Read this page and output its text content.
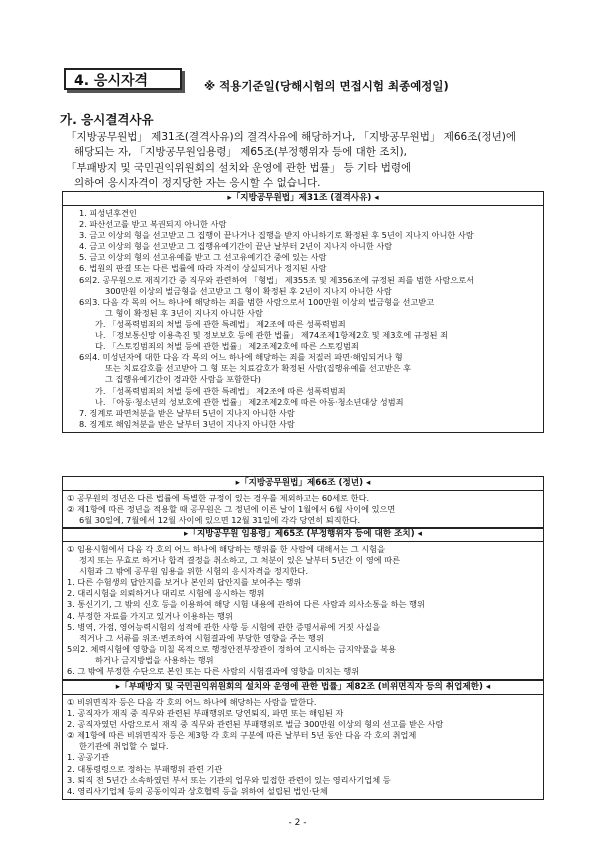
4. 응시자격	※ 적용기준일(당해시험의 면접시험 최종예정일)
가. 응시결격사유
「지방공무원법」 제31조(결격사유)의 결격사유에 해당하거나, 「지방공무원법」 제66조(정년)에
해당되는 자, 「지방공무원임용령」 제65조(부정행위자 등에 대한 조치),
「부패방지 및 국민권익위원회의 설치와 운영에 관한 법률」 등 기타 법령에
의하여 응시자격이 정지당한 자는 응시할 수 없습니다.
▸「지방공무원법」제31조 (결격사유) ◂
1. 피성년후견인
2. 파산선고를 받고 복권되지 아니한 사람
3. 금고 이상의 형을 선고받고 그 집행이 끝나거나 집행을 받지 아니하기로 확정된 후 5년이 지나지 아니한 사람
4. 금고 이상의 형을 선고받고 그 집행유예기간이 끝난 날부터 2년이 지나지 아니한 사람
5. 금고 이상의 형의 선고유예를 받고 그 선고유예기간 중에 있는 사람
6. 법원의 판결 또는 다른 법률에 따라 자격이 상실되거나 정지된 사람
6의2. 공무원으로 재직기간 중 직무와 관련하여 「형법」 제355조 및 제356조에 규정된 죄를 범한 사람으로서
300만원 이상의 벌금형을 선고받고 그 형이 확정된 후 2년이 지나지 아니한 사람
6의3. 다음 각 목의 어느 하나에 해당하는 죄를 범한 사람으로서 100만원 이상의 벌금형을 선고받고
그 형이 확정된 후 3년이 지나지 아니한 사람
가. 「성폭력범죄의 처벌 등에 관한 특례법」 제2조에 따른 성폭력범죄
나. 「정보통신망 이용촉진 및 정보보호 등에 관한 법률」 제74조제1항제2호 및 제3호에 규정된 죄
다. 「스토킹범죄의 처벌 등에 관한 법률」 제2조제2호에 따른 스토킹범죄
6의4. 미성년자에 대한 다음 각 목의 어느 하나에 해당하는 죄를 저질러 파면·해임되거나 형
또는 치료감호를 선고받아 그 형 또는 치료감호가 확정된 사람(집행유예를 선고받은 후
그 집행유예기간이 경과한 사람을 포함한다)
가. 「성폭력범죄의 처벌 등에 관한 특례법」 제2조에 따른 성폭력범죄
나. 「아동·청소년의 성보호에 관한 법률」 제2조제2호에 따른 아동·청소년대상 성범죄
7. 징계로 파면처분을 받은 날부터 5년이 지나지 아니한 사람
8. 징계로 해임처분을 받은 날부터 3년이 지나지 아니한 사람
▸「지방공무원법」제66조 (정년) ◂
① 공무원의 정년은 다른 법률에 특별한 규정이 있는 경우를 제외하고는 60세로 한다.
② 제1항에 따른 정년을 적용할 때 공무원은 그 정년에 이른 날이 1월에서 6월 사이에 있으면
6월 30일에, 7월에서 12월 사이에 있으면 12월 31일에 각각 당연히 퇴직한다.
▸「지방공무원 임용령」제65조 (부정행위자 등에 대한 조치) ◂
① 임용시험에서 다음 각 호의 어느 하나에 해당하는 행위를 한 사람에 대해서는 그 시험을
정지 또는 무효로 하거나 합격 결정을 취소하고, 그 처분이 있은 날부터 5년간 이 영에 따른
시험과 그 밖에 공무원 임용을 위한 시험의 응시자격을 정지한다.
1. 다른 수험생의 답안지를 보거나 본인의 답안지를 보여주는 행위
2. 대리시험을 의뢰하거나 대리로 시험에 응시하는 행위
3. 통신기기, 그 밖의 신호 등을 이용하여 해당 시험 내용에 관하여 다른 사람과 의사소통을 하는 행위
4. 부정한 자료를 가지고 있거나 이용하는 행위
5. 병역, 가점, 영어능력시험의 성적에 관한 사항 등 시험에 관한 증명서류에 거짓 사실을
적거나 그 서류를 위조·변조하여 시험결과에 부당한 영향을 주는 행위
5의2. 체력시험에 영향을 미칠 목적으로 행정안전부장관이 정하여 고시하는 금지약물을 복용
하거나 금지방법을 사용하는 행위
6. 그 밖에 부정한 수단으로 본인 또는 다른 사람의 시험결과에 영향을 미치는 행위
▸「부패방지 및 국민권익위원회의 설치와 운영에 관한 법률」제82조 (비위면직자 등의 취업제한) ◂
① 비위면직자 등은 다음 각 호의 어느 하나에 해당하는 사람을 말한다.
1. 공직자가 재직 중 직무와 관련된 부패행위로 당연퇴직, 파면 또는 해임된 자
2. 공직자였던 사람으로서 재직 중 직무와 관련된 부패행위로 벌금 300만원 이상의 형의 선고를 받은 사람
② 제1항에 따른 비위면직자 등은 제3항 각 호의 구분에 따른 날부터 5년 동안 다음 각 호의 취업제
한기관에 취업할 수 없다.
1. 공공기관
2. 대통령령으로 정하는 부패행위 관련 기관
3. 퇴직 전 5년간 소속하였던 부서 또는 기관의 업무와 밀접한 관련이 있는 영리사기업체 등
4. 영리사기업체 등의 공동이익과 상호협력 등을 위하여 설립된 법인·단체
- 2 -
